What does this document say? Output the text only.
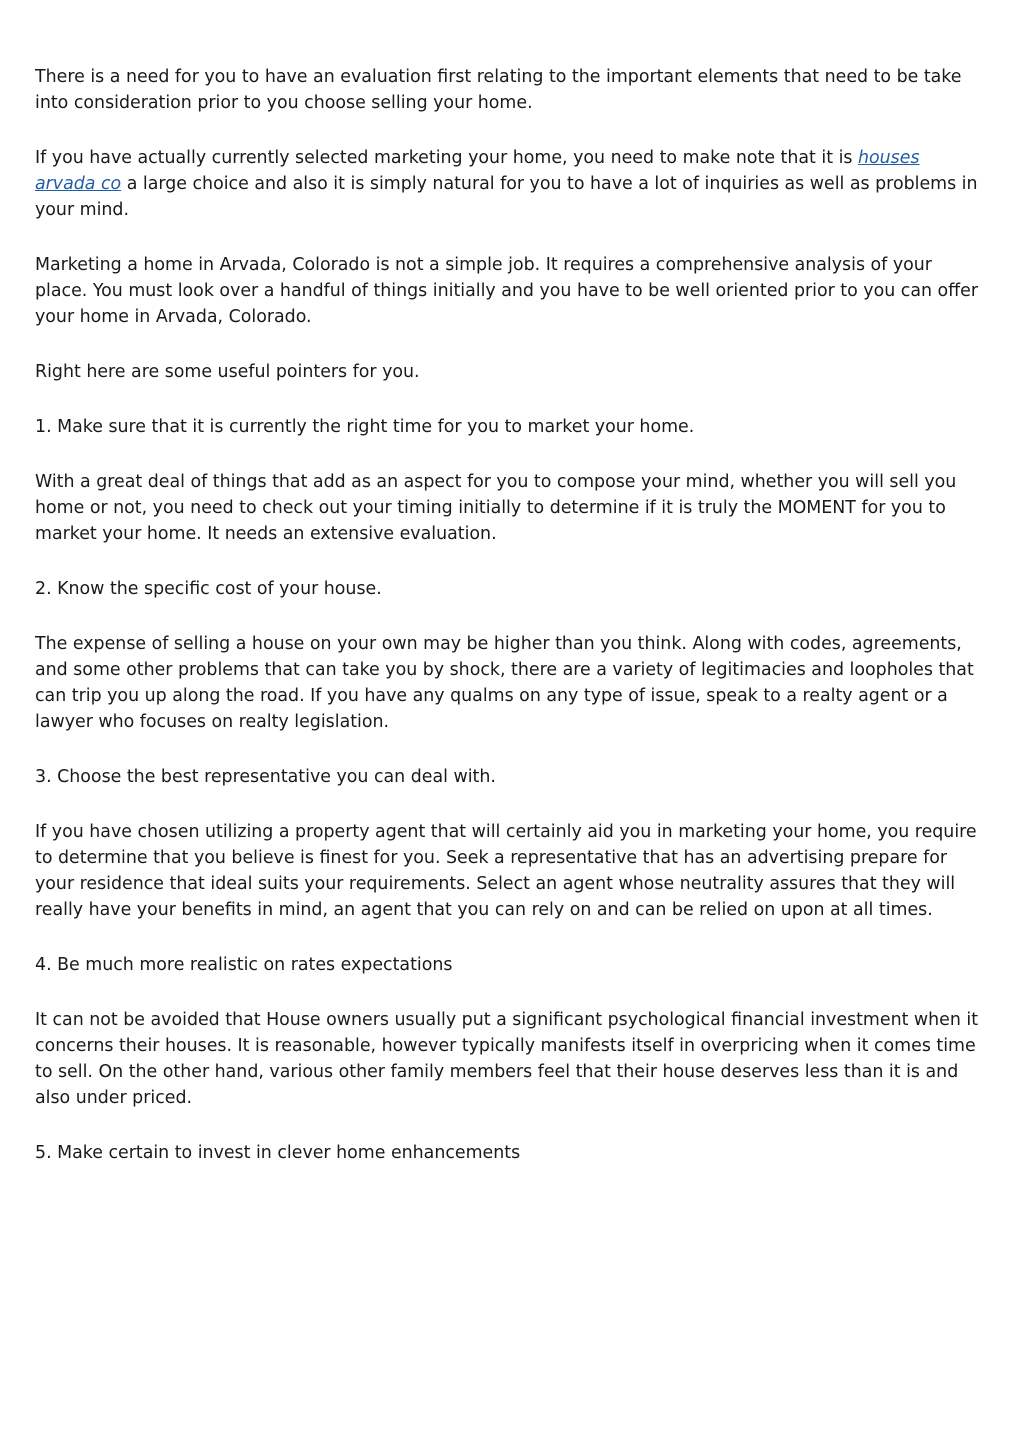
There is a need for you to have an evaluation first relating to the important elements that need to be take into consideration prior to you choose selling your home.

If you have actually currently selected marketing your home, you need to make note that it is houses arvada co a large choice and also it is simply natural for you to have a lot of inquiries as well as problems in your mind.

Marketing a home in Arvada, Colorado is not a simple job. It requires a comprehensive analysis of your place. You must look over a handful of things initially and you have to be well oriented prior to you can offer your home in Arvada, Colorado.

Right here are some useful pointers for you.

1. Make sure that it is currently the right time for you to market your home.

With a great deal of things that add as an aspect for you to compose your mind, whether you will sell you home or not, you need to check out your timing initially to determine if it is truly the MOMENT for you to market your home. It needs an extensive evaluation.

2. Know the specific cost of your house.

The expense of selling a house on your own may be higher than you think. Along with codes, agreements, and some other problems that can take you by shock, there are a variety of legitimacies and loopholes that can trip you up along the road. If you have any qualms on any type of issue, speak to a realty agent or a lawyer who focuses on realty legislation.

3. Choose the best representative you can deal with.

If you have chosen utilizing a property agent that will certainly aid you in marketing your home, you require to determine that you believe is finest for you. Seek a representative that has an advertising prepare for your residence that ideal suits your requirements. Select an agent whose neutrality assures that they will really have your benefits in mind, an agent that you can rely on and can be relied on upon at all times.

4. Be much more realistic on rates expectations

It can not be avoided that House owners usually put a significant psychological financial investment when it concerns their houses. It is reasonable, however typically manifests itself in overpricing when it comes time to sell. On the other hand, various other family members feel that their house deserves less than it is and also under priced.

5. Make certain to invest in clever home enhancements
